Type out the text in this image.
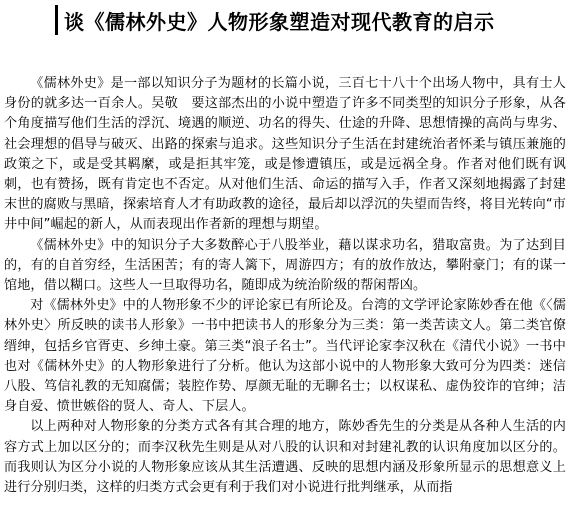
谈《儒林外史》人物形象塑造对现代教育的启示

《儒林外史》是一部以知识分子为题材的长篇小说，三百七十八十个出场人物中，具有士人身份的就多达一百余人。吴敬　要这部杰出的小说中塑造了许多不同类型的知识分子形象，从各个角度描写他们生活的浮沉、境遇的顺逆、功名的得失、仕途的升降、思想情操的高尚与卑劣、社会理想的倡导与破灭、出路的探索与追求。这些知识分子生活在封建统治者怀柔与镇压兼施的政策之下，或是受其羁縻，或是拒其牢笼，或是惨遭镇压，或是远祸全身。作者对他们既有讽刺，也有赞扬，既有肯定也不否定。从对他们生活、命运的描写入手，作者又深刻地揭露了封建末世的腐败与黑暗，探索培育人才有助政教的途径，最后却以浮沉的失望而告终，将目光转向“市井中间”崛起的新人，从而表现出作者新的理想与期望。

《儒林外史》中的知识分子大多数醉心于八股举业，藉以谋求功名，猎取富贵。为了达到目的，有的自首穷经，生活困苦；有的寄人篱下，周游四方；有的放作放达，攀附豪门；有的谋一馆地，借以糊口。这些人一旦取得功名，随即成为统治阶级的帮闲帮凶。

对《儒林外史》中的人物形象不少的评论家已有所论及。台湾的文学评论家陈妙香在他《〈儒林外史〉所反映的读书人形象》一书中把读书人的形象分为三类：第一类苦读文人。第二类官僚缙绅，包括乡官胥吏、乡绅土豪。第三类“浪子名士”。当代评论家李汉秋在《清代小说》一书中也对《儒林外史》的人物形象进行了分析。他认为这部小说中的人物形象大致可分为四类：迷信八股、笃信礼教的无知腐儒；装腔作势、厚颜无耻的无聊名士；以权谋私、虚伪狡诈的官绅；洁身自爱、愤世嫉俗的贤人、奇人、下层人。

以上两种对人物形象的分类方式各有其合理的地方，陈妙香先生的分类是从各种人生活的内容方式上加以区分的；而李汉秋先生则是从对八股的认识和对封建礼教的认识角度加以区分的。而我则认为区分小说的人物形象应该从其生活遭遇、反映的思想内涵及形象所显示的思想意义上进行分别归类，这样的归类方式会更有利于我们对小说进行批判继承，从而指
